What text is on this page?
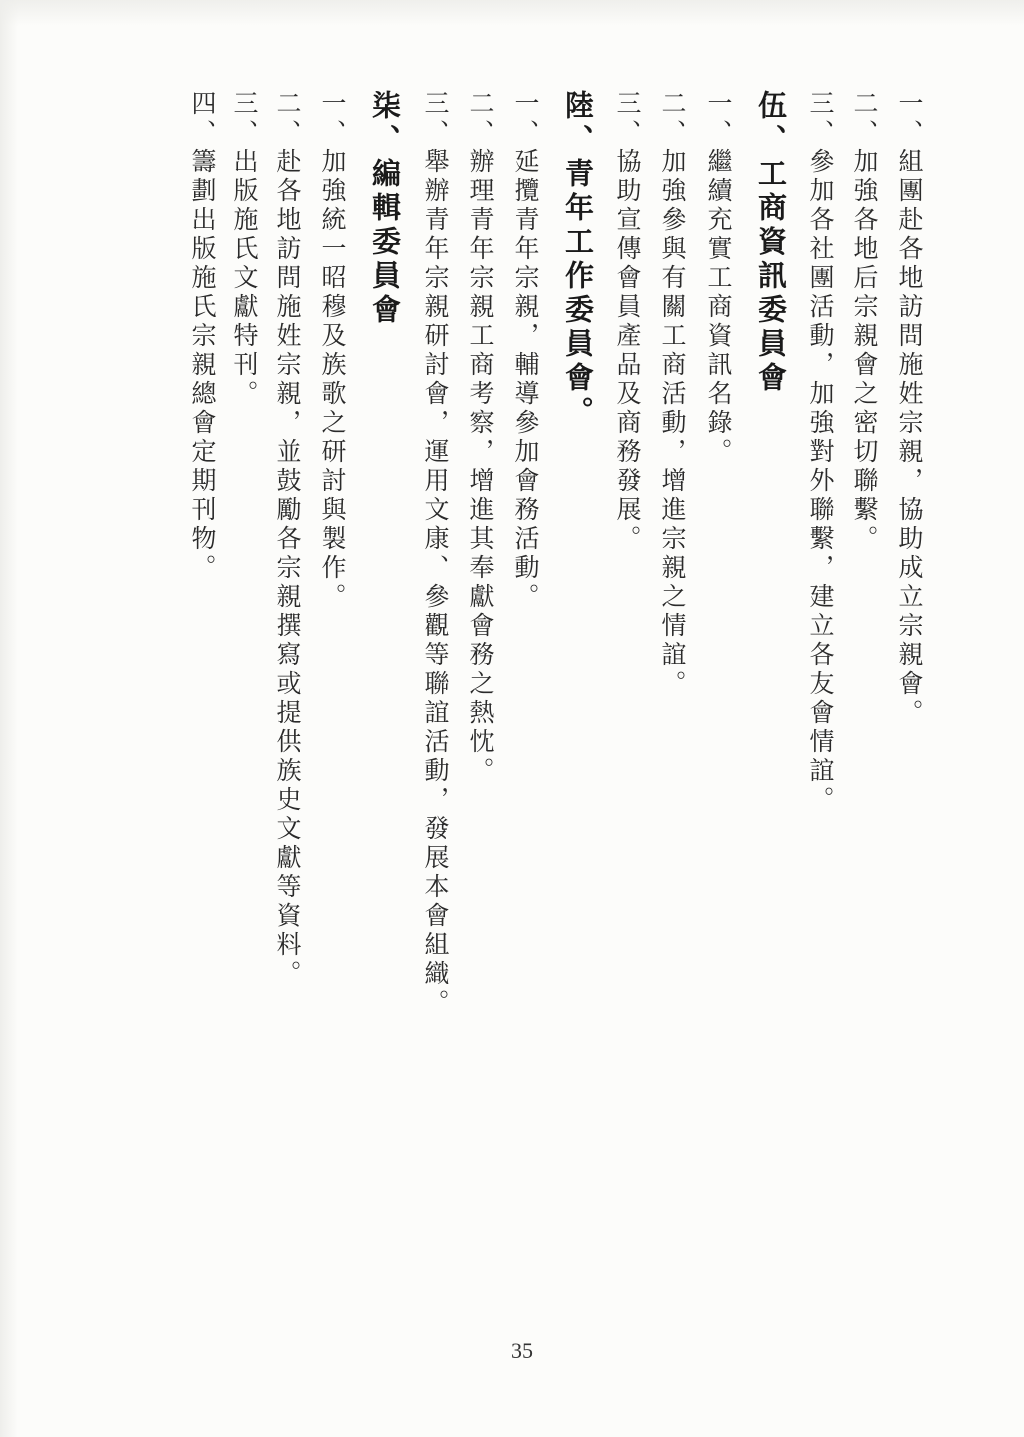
一、組團赴各地訪問施姓宗親，協助成立宗親會。
二、加強各地后宗親會之密切聯繫。
三、參加各社團活動，加強對外聯繫，建立各友會情誼。
伍、工商資訊委員會
一、繼續充實工商資訊名錄。
二、加強參與有關工商活動，增進宗親之情誼。
三、協助宣傳會員產品及商務發展。
陸、青年工作委員會。
一、延攬青年宗親，輔導參加會務活動。
二、辦理青年宗親工商考察，增進其奉獻會務之熱忱。
三、舉辦青年宗親研討會，運用文康、參觀等聯誼活動，發展本會組織。
柒、編輯委員會
一、加強統一昭穆及族歌之研討與製作。
二、赴各地訪問施姓宗親，並鼓勵各宗親撰寫或提供族史文獻等資料。
三、出版施氏文獻特刊。
四、籌劃出版施氏宗親總會定期刊物。
35
